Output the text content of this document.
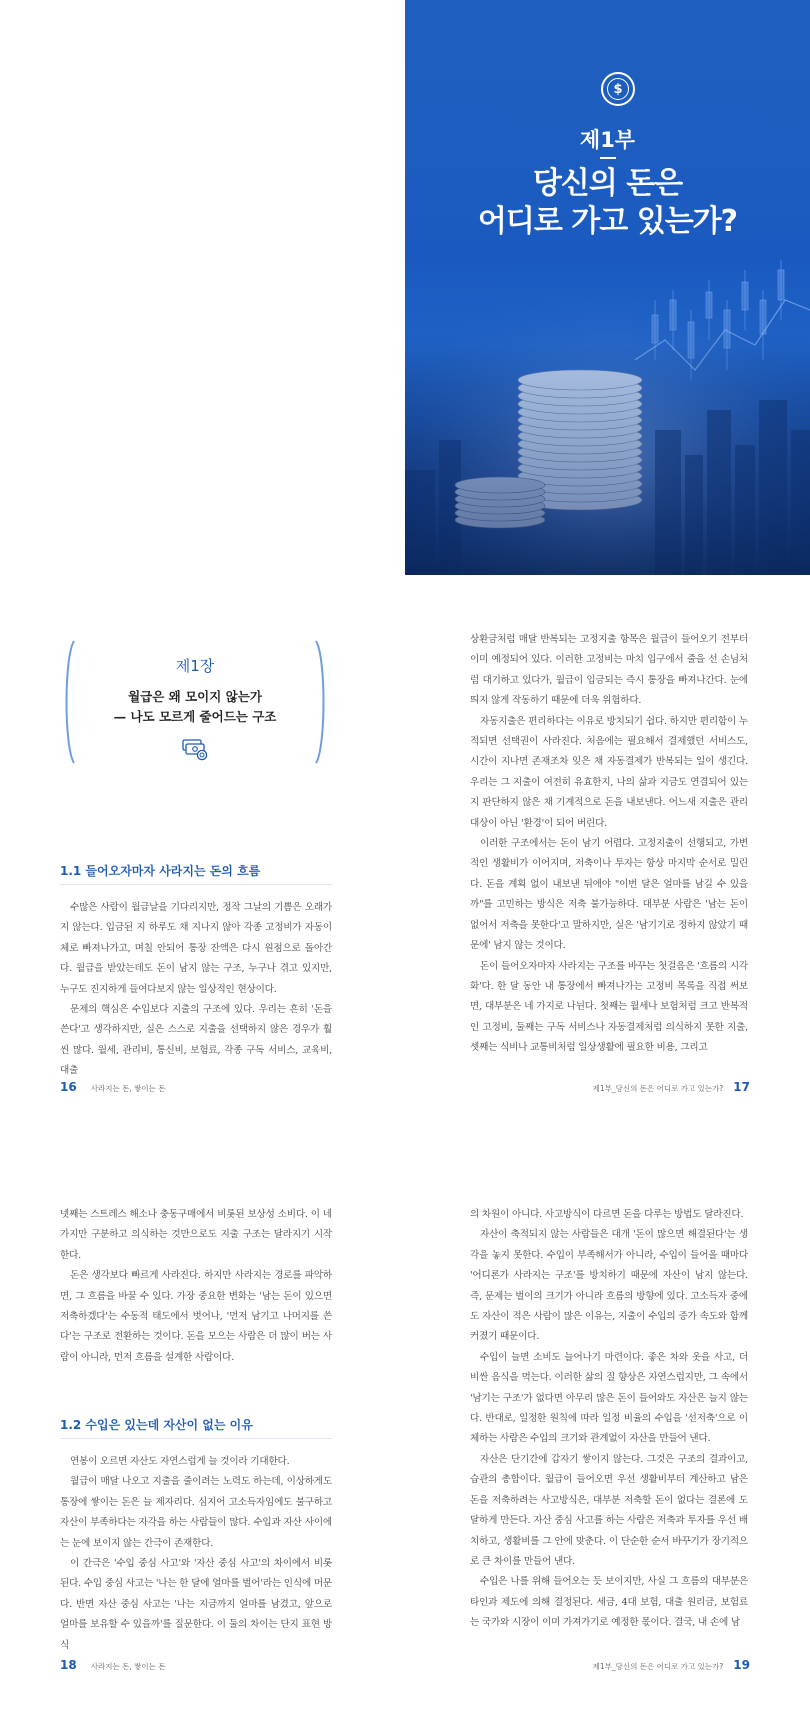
$
제1부
당신의 돈은
어디로 가고 있는가?
제1장
월급은 왜 모이지 않는가
— 나도 모르게 줄어드는 구조
1.1 들어오자마자 사라지는 돈의 흐름

수많은 사람이 월급날을 기다리지만, 정작 그날의 기쁨은 오래가지 않는다. 입금된 지 하루도 채 지나지 않아 각종 고정비가 자동이체로 빠져나가고, 며칠 안되어 통장 잔액은 다시 원점으로 돌아간다. 월급을 받았는데도 돈이 남지 않는 구조, 누구나 겪고 있지만, 누구도 진지하게 들여다보지 않는 일상적인 현상이다.

문제의 핵심은 수입보다 지출의 구조에 있다. 우리는 흔히 '돈을 쓴다'고 생각하지만, 실은 스스로 지출을 선택하지 않은 경우가 훨씬 많다. 월세, 관리비, 통신비, 보험료, 각종 구독 서비스, 교육비, 대출

16 사라지는 돈, 쌓이는 돈

상환금처럼 매달 반복되는 고정지출 항목은 월급이 들어오기 전부터 이미 예정되어 있다. 이러한 고정비는 마치 입구에서 줄을 선 손님처럼 대기하고 있다가, 월급이 입금되는 즉시 통장을 빠져나간다. 눈에 띄지 않게 작동하기 때문에 더욱 위험하다.

자동지출은 편리하다는 이유로 방치되기 쉽다. 하지만 편리함이 누적되면 선택권이 사라진다. 처음에는 필요해서 결제했던 서비스도, 시간이 지나면 존재조차 잊은 채 자동결제가 반복되는 일이 생긴다. 우리는 그 지출이 여전히 유효한지, 나의 삶과 지금도 연결되어 있는지 판단하지 않은 채 기계적으로 돈을 내보낸다. 어느새 지출은 관리 대상이 아닌 '환경'이 되어 버린다.

이러한 구조에서는 돈이 남기 어렵다. 고정지출이 선행되고, 가변적인 생활비가 이어지며, 저축이나 투자는 항상 마지막 순서로 밀린다. 돈을 계획 없이 내보낸 뒤에야 "이번 달은 얼마를 남길 수 있을까"를 고민하는 방식은 저축 불가능하다. 대부분 사람은 '남는 돈이 없어서 저축을 못한다'고 말하지만, 실은 '남기기로 정하지 않았기 때문에' 남지 않는 것이다.

돈이 들어오자마자 사라지는 구조를 바꾸는 첫걸음은 '흐름의 시각화'다. 한 달 동안 내 통장에서 빠져나가는 고정비 목록을 직접 써보면, 대부분은 네 가지로 나뉜다. 첫째는 월세나 보험처럼 크고 반복적인 고정비, 둘째는 구독 서비스나 자동결제처럼 의식하지 못한 지출, 셋째는 식비나 교통비처럼 일상생활에 필요한 비용, 그리고

제1부_당신의 돈은 어디로 가고 있는가? 17

넷째는 스트레스 해소나 충동구매에서 비롯된 보상성 소비다. 이 네 가지만 구분하고 의식하는 것만으로도 지출 구조는 달라지기 시작한다.

돈은 생각보다 빠르게 사라진다. 하지만 사라지는 경로를 파악하면, 그 흐름을 바꿀 수 있다. 가장 중요한 변화는 '남는 돈이 있으면 저축하겠다'는 수동적 태도에서 벗어나, '먼저 남기고 나머지를 쓴다'는 구조로 전환하는 것이다. 돈을 모으는 사람은 더 많이 버는 사람이 아니라, 먼저 흐름을 설계한 사람이다.

1.2 수입은 있는데 자산이 없는 이유

연봉이 오르면 자산도 자연스럽게 늘 것이라 기대한다.

월급이 매달 나오고 지출을 줄이려는 노력도 하는데, 이상하게도 통장에 쌓이는 돈은 늘 제자리다. 심지어 고소득자임에도 불구하고 자산이 부족하다는 자각을 하는 사람들이 많다. 수입과 자산 사이에는 눈에 보이지 않는 간극이 존재한다.

이 간극은 '수입 중심 사고'와 '자산 중심 사고'의 차이에서 비롯된다. 수입 중심 사고는 '나는 한 달에 얼마를 벌어'라는 인식에 머문다. 반면 자산 중심 사고는 '나는 지금까지 얼마를 남겼고, 앞으로 얼마를 보유할 수 있을까'를 질문한다. 이 둘의 차이는 단지 표현 방식

18 사라지는 돈, 쌓이는 돈

의 차원이 아니다. 사고방식이 다르면 돈을 다루는 방법도 달라진다.

자산이 축적되지 않는 사람들은 대개 '돈이 많으면 해결된다'는 생각을 놓지 못한다. 수입이 부족해서가 아니라, 수입이 들어올 때마다 '어디론가 사라지는 구조'를 방치하기 때문에 자산이 남지 않는다. 즉, 문제는 벌이의 크기가 아니라 흐름의 방향에 있다. 고소득자 중에도 자산이 적은 사람이 많은 이유는, 지출이 수입의 증가 속도와 함께 커졌기 때문이다.

수입이 늘면 소비도 늘어나기 마련이다. 좋은 차와 옷을 사고, 더 비싼 음식을 먹는다. 이러한 삶의 질 향상은 자연스럽지만, 그 속에서 '남기는 구조'가 없다면 아무리 많은 돈이 들어와도 자산은 늘지 않는다. 반대로, 일정한 원칙에 따라 일정 비율의 수입을 '선저축'으로 이체하는 사람은 수입의 크기와 관계없이 자산을 만들어 낸다.

자산은 단기간에 갑자기 쌓이지 않는다. 그것은 구조의 결과이고, 습관의 총합이다. 월급이 들어오면 우선 생활비부터 계산하고 남은 돈을 저축하려는 사고방식은, 대부분 저축할 돈이 없다는 결론에 도달하게 만든다. 자산 중심 사고를 하는 사람은 저축과 투자를 우선 배치하고, 생활비를 그 안에 맞춘다. 이 단순한 순서 바꾸기가 장기적으로 큰 차이를 만들어 낸다.

수입은 나를 위해 들어오는 듯 보이지만, 사실 그 흐름의 대부분은 타인과 제도에 의해 결정된다. 세금, 4대 보험, 대출 원리금, 보험료는 국가와 시장이 이미 가져가기로 예정한 몫이다. 결국, 내 손에 남

제1부_당신의 돈은 어디로 가고 있는가? 19
